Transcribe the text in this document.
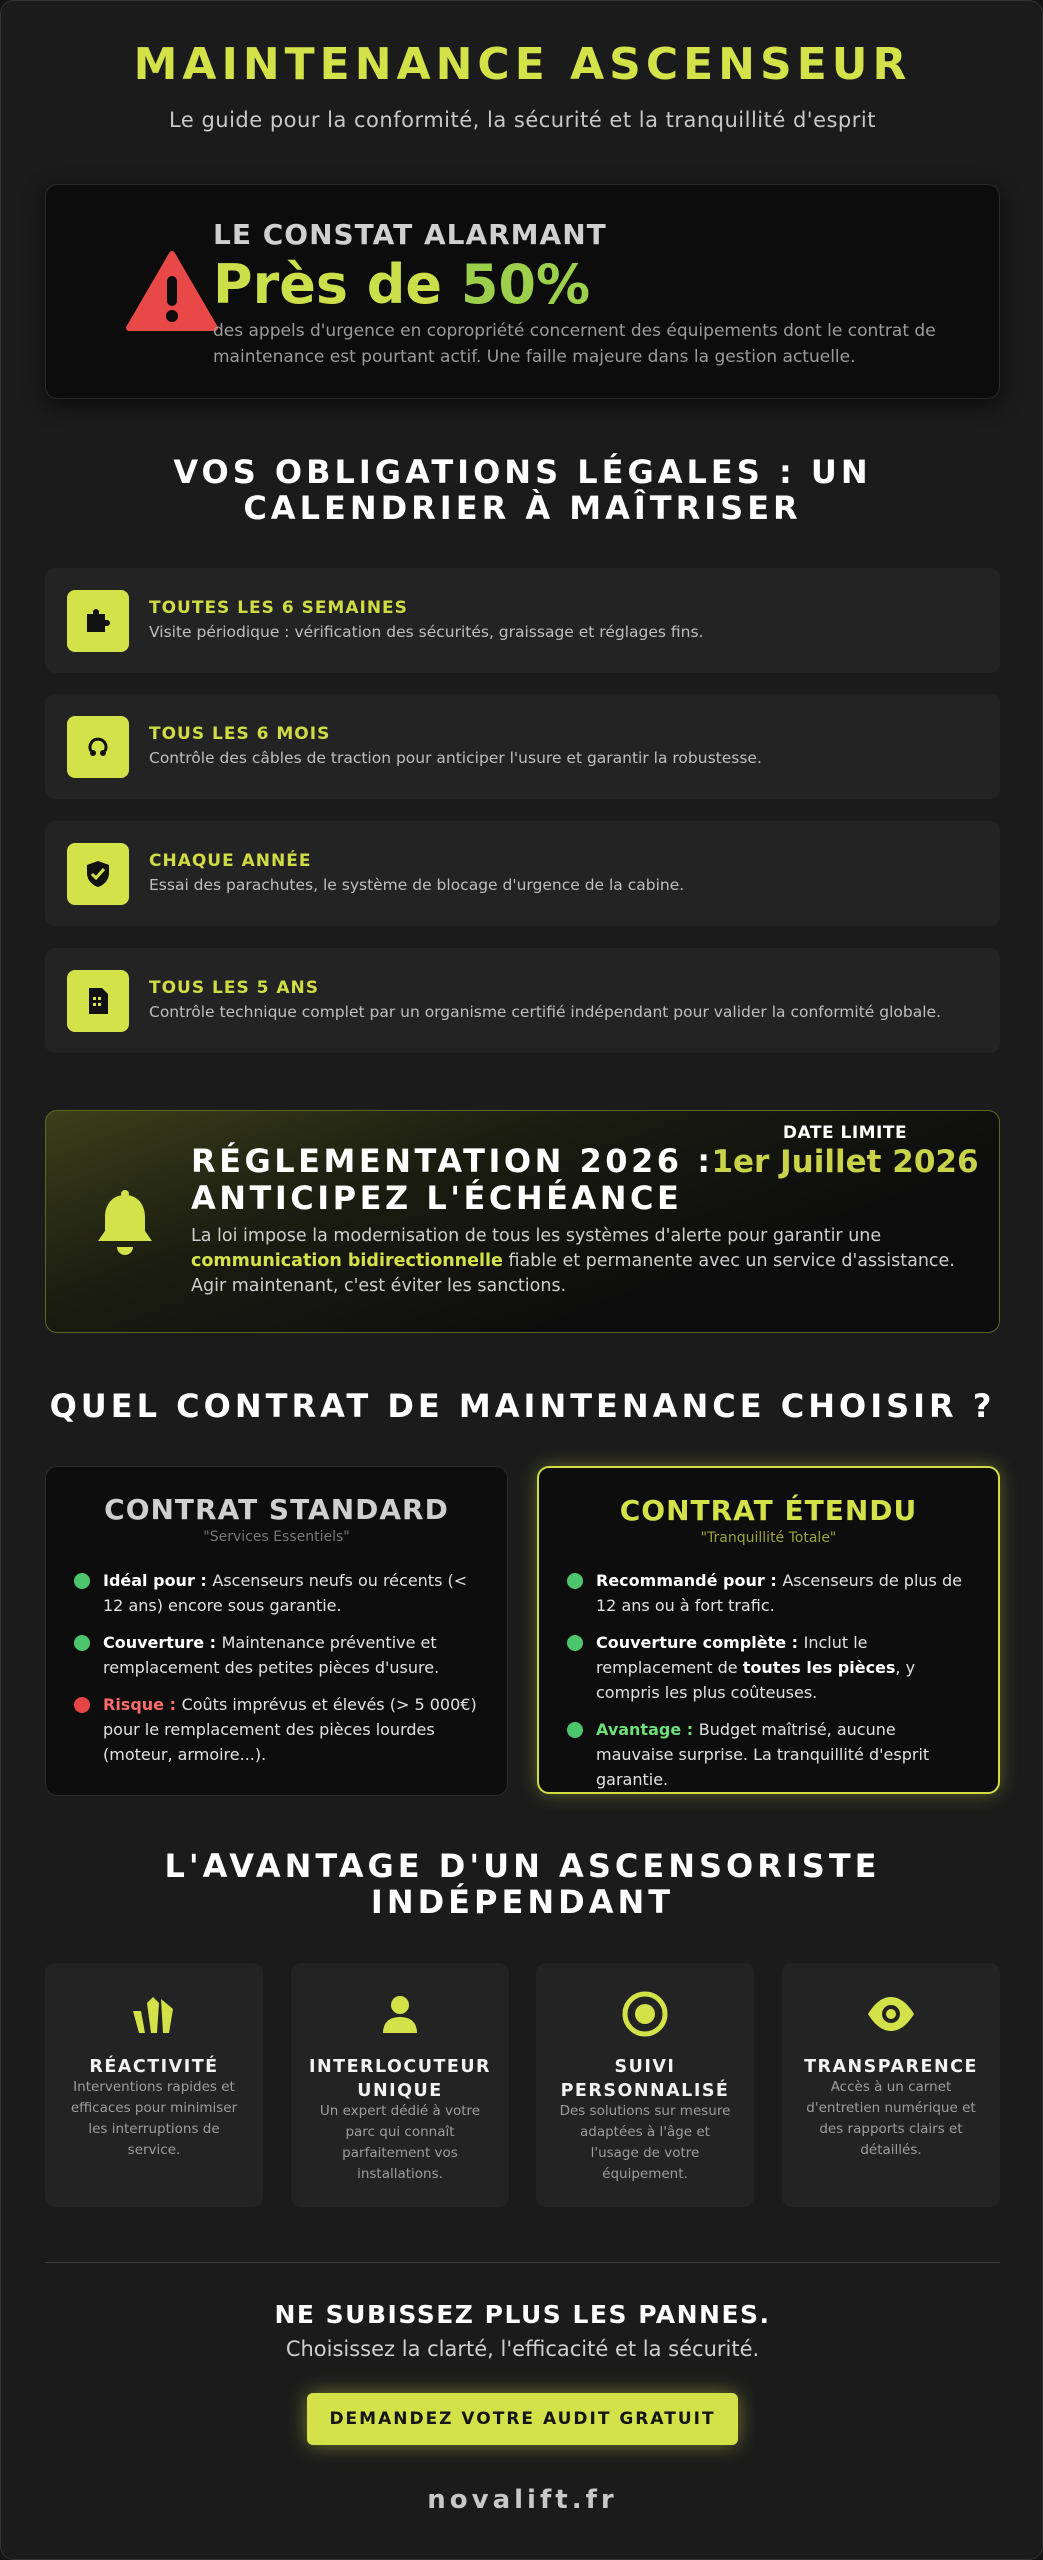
MAINTENANCE ASCENSEUR
Le guide pour la conformité, la sécurité et la tranquillité d'esprit
LE CONSTAT ALARMANT
Près de 50%
des appels d'urgence en copropriété concernent des équipements dont le contrat de maintenance est pourtant actif. Une faille majeure dans la gestion actuelle.
VOS OBLIGATIONS LÉGALES : UN CALENDRIER À MAÎTRISER
TOUTES LES 6 SEMAINES
Visite périodique : vérification des sécurités, graissage et réglages fins.
TOUS LES 6 MOIS
Contrôle des câbles de traction pour anticiper l'usure et garantir la robustesse.
CHAQUE ANNÉE
Essai des parachutes, le système de blocage d'urgence de la cabine.
TOUS LES 5 ANS
Contrôle technique complet par un organisme certifié indépendant pour valider la conformité globale.
RÉGLEMENTATION 2026 : ANTICIPEZ L'ÉCHÉANCE
La loi impose la modernisation de tous les systèmes d'alerte pour garantir une communication bidirectionnelle fiable et permanente avec un service d'assistance. Agir maintenant, c'est éviter les sanctions.
DATE LIMITE
1er Juillet 2026
QUEL CONTRAT DE MAINTENANCE CHOISIR ?
CONTRAT STANDARD
"Services Essentiels"
Idéal pour : Ascenseurs neufs ou récents (< 12 ans) encore sous garantie.
Couverture : Maintenance préventive et remplacement des petites pièces d'usure.
Risque : Coûts imprévus et élevés (> 5 000€) pour le remplacement des pièces lourdes (moteur, armoire...).
CONTRAT ÉTENDU
"Tranquillité Totale"
Recommandé pour : Ascenseurs de plus de 12 ans ou à fort trafic.
Couverture complète : Inclut le remplacement de toutes les pièces, y compris les plus coûteuses.
Avantage : Budget maîtrisé, aucune mauvaise surprise. La tranquillité d'esprit garantie.
L'AVANTAGE D'UN ASCENSORISTE INDÉPENDANT
RÉACTIVITÉ
Interventions rapides et efficaces pour minimiser les interruptions de service.
INTERLOCUTEUR UNIQUE
Un expert dédié à votre parc qui connaît parfaitement vos installations.
SUIVI PERSONNALISÉ
Des solutions sur mesure adaptées à l'âge et l'usage de votre équipement.
TRANSPARENCE
Accès à un carnet d'entretien numérique et des rapports clairs et détaillés.
NE SUBISSEZ PLUS LES PANNES.
Choisissez la clarté, l'efficacité et la sécurité.
DEMANDEZ VOTRE AUDIT GRATUIT
novalift.fr
